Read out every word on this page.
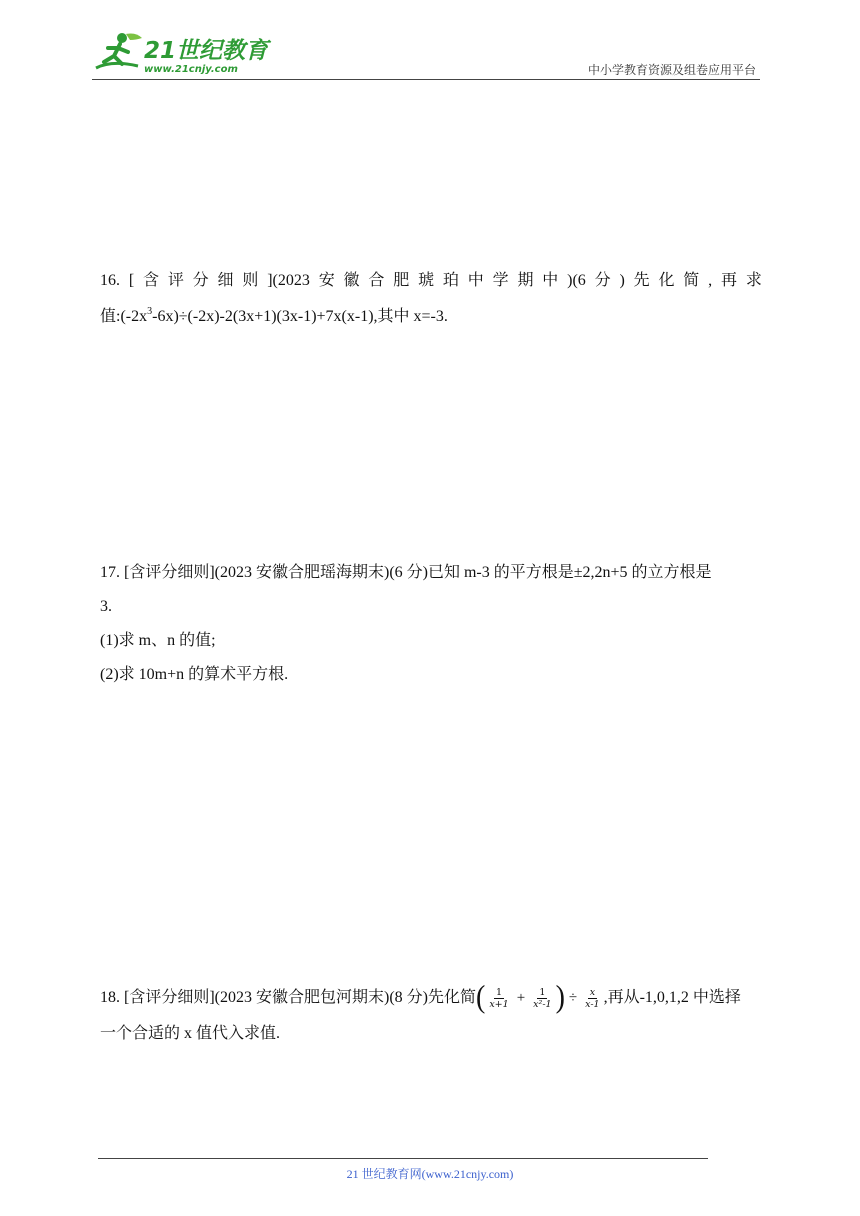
21世纪教育
www.21cnjy.com	中小学教育资源及组卷应用平台
16. [ 含 评 分 细 则 ](2023 安 徽 合 肥 琥 珀 中 学 期 中 )(6 分 ) 先 化 简 , 再 求
值$:(-2x^3-6x)\div(-2x)-2(3x+1)(3x-1)+7x(x-1)$,其中 x=-3.
17. [含评分细则](2023 安徽合肥瑶海期末)(6 分)已知 m-3 的平方根是±2,2n+5 的立方根是
3.
(1)求 m、n 的值;
(2)求 10m+n 的算术平方根.
18. [含评分细则](2023 安徽合肥包河期末)(8 分)先化简 ( $\frac{1}{x+1} + \frac{1}{\text{x²-1}}$ ) ÷ $\frac{x}{x-1}$ ,再从-1,0,1,2 中选择
一个合适的 x 值代入求值.
21 世纪教育网(www.21cnjy.com)
